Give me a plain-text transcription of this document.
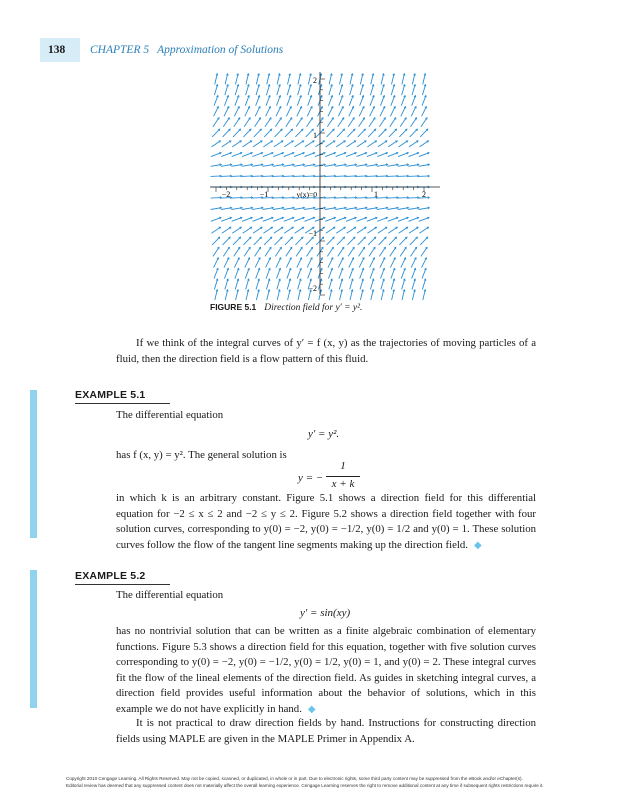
138 CHAPTER 5 Approximation of Solutions
−2	−1	1	2
y(x)=0
2
1
−1
−2
FIGURE 5.1 Direction field for y′ = y².
If we think of the integral curves of y′ = f (x, y) as the trajectories of moving particles of a fluid, then the direction field is a flow pattern of this fluid.
EXAMPLE 5.1
The differential equation
y′ = y².
has f (x, y) = y². The general solution is
y = −
1
x + k
in which k is an arbitrary constant. Figure 5.1 shows a direction field for this differential equation for −2 ≤ x ≤ 2 and −2 ≤ y ≤ 2. Figure 5.2 shows a direction field together with four solution curves, corresponding to y(0) = −2, y(0) = −1/2, y(0) = 1/2 and y(0) = 1. These solution curves follow the flow of the tangent line segments making up the direction field. ◆
EXAMPLE 5.2
The differential equation
y′ = sin(xy)
has no nontrivial solution that can be written as a finite algebraic combination of elementary functions. Figure 5.3 shows a direction field for this equation, together with five solution curves corresponding to y(0) = −2, y(0) = −1/2, y(0) = 1/2, y(0) = 1, and y(0) = 2. These integral curves fit the flow of the lineal elements of the direction field. As guides in sketching integral curves, a direction field provides useful information about the behavior of solutions, which in this example we do not have explicitly in hand. ◆
It is not practical to draw direction fields by hand. Instructions for constructing direction fields using MAPLE are given in the MAPLE Primer in Appendix A.
Copyright 2010 Cengage Learning. All Rights Reserved. May not be copied, scanned, or duplicated, in whole or in part. Due to electronic rights, some third party content may be suppressed from the eBook and/or eChapter(s).
Editorial review has deemed that any suppressed content does not materially affect the overall learning experience. Cengage Learning reserves the right to remove additional content at any time if subsequent rights restrictions require it.
